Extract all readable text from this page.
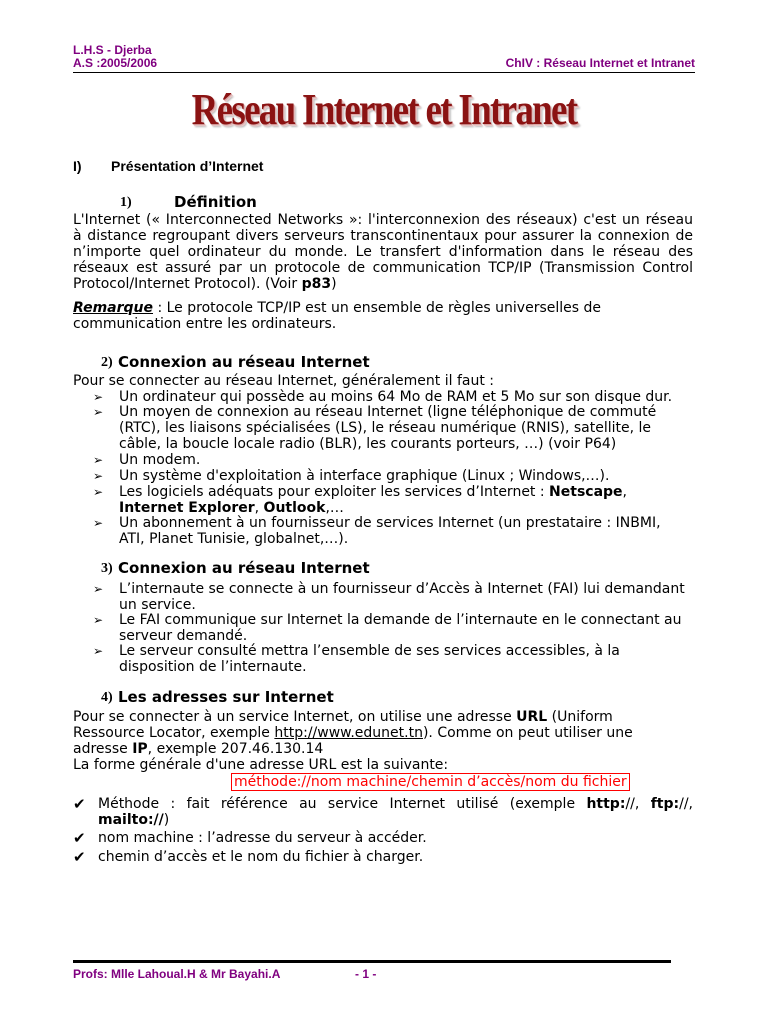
L.H.S - Djerba
A.S :2005/2006	ChIV : Réseau Internet et Intranet
Réseau Internet et Intranet
I) Présentation d’Internet
1)	Définition
L'Internet (« Interconnected Networks »: l'interconnexion des réseaux) c'est un réseau
à distance regroupant divers serveurs transcontinentaux pour assurer la connexion de
n’importe quel ordinateur du monde. Le transfert d'information dans le réseau des
réseaux est assuré par un protocole de communication TCP/IP (Transmission Control
Protocol/Internet Protocol). (Voir p83)
Remarque : Le protocole TCP/IP est un ensemble de règles universelles de
communication entre les ordinateurs.
2) Connexion au réseau Internet
Pour se connecter au réseau Internet, généralement il faut :
➢ Un ordinateur qui possède au moins 64 Mo de RAM et 5 Mo sur son disque dur.
➢ Un moyen de connexion au réseau Internet (ligne téléphonique de commuté
(RTC), les liaisons spécialisées (LS), le réseau numérique (RNIS), satellite, le
câble, la boucle locale radio (BLR), les courants porteurs, …) (voir P64)
➢ Un modem.
➢ Un système d'exploitation à interface graphique (Linux ; Windows,…).
➢ Les logiciels adéquats pour exploiter les services d’Internet : Netscape,
Internet Explorer, Outlook,…
➢ Un abonnement à un fournisseur de services Internet (un prestataire : INBMI,
ATI, Planet Tunisie, globalnet,…).
3) Connexion au réseau Internet
➢ L’internaute se connecte à un fournisseur d’Accès à Internet (FAI) lui demandant
un service.
➢ Le FAI communique sur Internet la demande de l’internaute en le connectant au
serveur demandé.
➢ Le serveur consulté mettra l’ensemble de ses services accessibles, à la
disposition de l’internaute.
4) Les adresses sur Internet
Pour se connecter à un service Internet, on utilise une adresse URL (Uniform
Ressource Locator, exemple http://www.edunet.tn). Comme on peut utiliser une
adresse IP, exemple 207.46.130.14
La forme générale d'une adresse URL est la suivante:
méthode://nom machine/chemin d’accès/nom du fichier
✔ Méthode : fait référence au service Internet utilisé (exemple http://, ftp://,
mailto://)
✔ nom machine : l’adresse du serveur à accéder.
✔ chemin d’accès et le nom du fichier à charger.
Profs: Mlle Lahoual.H & Mr Bayahi.A	- 1 -
